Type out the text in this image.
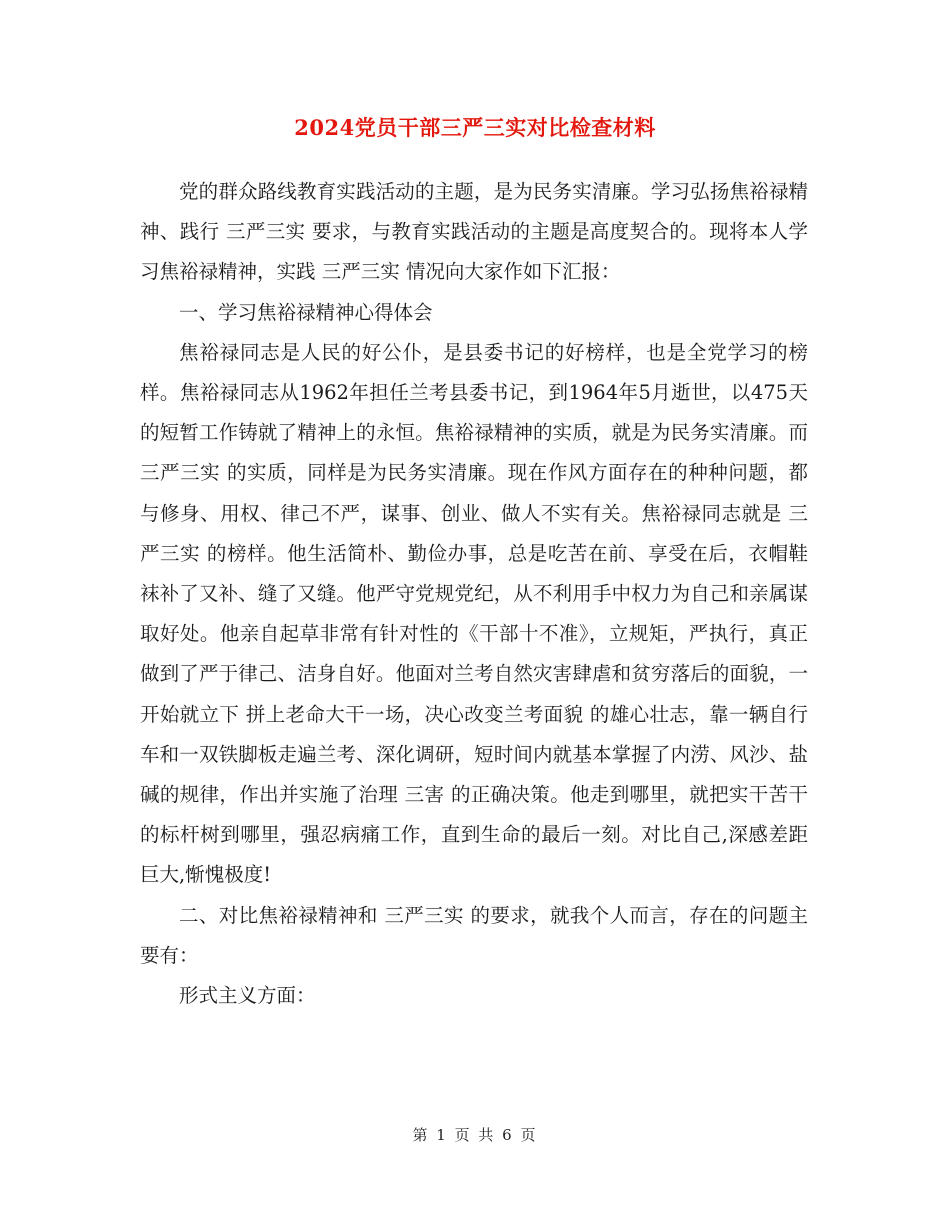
2024党员干部三严三实对比检查材料

党的群众路线教育实践活动的主题，是为民务实清廉。学习弘扬焦裕禄精神、践行 三严三实 要求，与教育实践活动的主题是高度契合的。现将本人学习焦裕禄精神，实践 三严三实 情况向大家作如下汇报：

一、学习焦裕禄精神心得体会

焦裕禄同志是人民的好公仆，是县委书记的好榜样，也是全党学习的榜样。焦裕禄同志从1962年担任兰考县委书记，到1964年5月逝世，以475天的短暂工作铸就了精神上的永恒。焦裕禄精神的实质，就是为民务实清廉。而 三严三实 的实质，同样是为民务实清廉。现在作风方面存在的种种问题，都与修身、用权、律己不严，谋事、创业、做人不实有关。焦裕禄同志就是 三严三实 的榜样。他生活简朴、勤俭办事，总是吃苦在前、享受在后，衣帽鞋袜补了又补、缝了又缝。他严守党规党纪，从不利用手中权力为自己和亲属谋取好处。他亲自起草非常有针对性的《干部十不准》，立规矩，严执行，真正做到了严于律己、洁身自好。他面对兰考自然灾害肆虐和贫穷落后的面貌，一开始就立下 拼上老命大干一场，决心改变兰考面貌 的雄心壮志，靠一辆自行车和一双铁脚板走遍兰考、深化调研，短时间内就基本掌握了内涝、风沙、盐碱的规律，作出并实施了治理 三害 的正确决策。他走到哪里，就把实干苦干的标杆树到哪里，强忍病痛工作，直到生命的最后一刻。对比自己,深感差距巨大,惭愧极度!

二、对比焦裕禄精神和 三严三实 的要求，就我个人而言，存在的问题主要有：

形式主义方面：

第 1 页 共 6 页
